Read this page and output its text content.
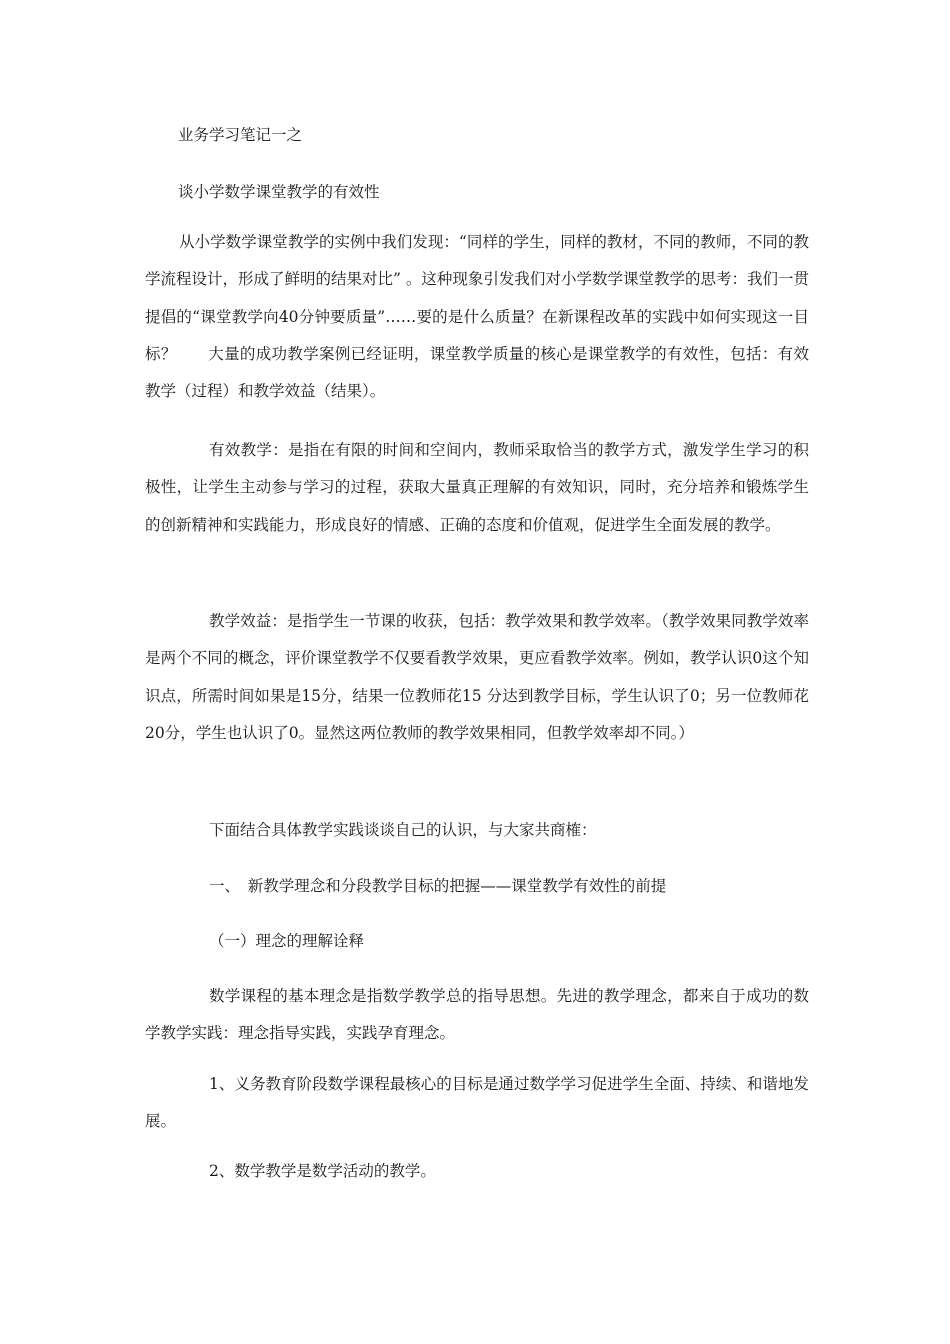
业务学习笔记一之
谈小学数学课堂教学的有效性

从小学数学课堂教学的实例中我们发现：“同样的学生，同样的教材，不同的教师，不同的教学流程设计，形成了鲜明的结果对比” 。这种现象引发我们对小学数学课堂教学的思考：我们一贯提倡的“课堂教学向40分钟要质量”……要的是什么质量？在新课程改革的实践中如何实现这一目标？　　大量的成功教学案例已经证明，课堂教学质量的核心是课堂教学的有效性，包括：有效教学（过程）和教学效益（结果）。

有效教学：是指在有限的时间和空间内，教师采取恰当的教学方式，激发学生学习的积极性，让学生主动参与学习的过程，获取大量真正理解的有效知识，同时，充分培养和锻炼学生的创新精神和实践能力，形成良好的情感、正确的态度和价值观，促进学生全面发展的教学。

教学效益：是指学生一节课的收获，包括：教学效果和教学效率。（教学效果同教学效率是两个不同的概念，评价课堂教学不仅要看教学效果，更应看教学效率。例如，教学认识0这个知识点，所需时间如果是15分，结果一位教师花15 分达到教学目标，学生认识了0；另一位教师花20分，学生也认识了0。显然这两位教师的教学效果相同，但教学效率却不同。）

下面结合具体教学实践谈谈自己的认识，与大家共商榷：

一、　新教学理念和分段教学目标的把握——课堂教学有效性的前提

（一）理念的理解诠释

数学课程的基本理念是指数学教学总的指导思想。先进的教学理念，都来自于成功的数学教学实践：理念指导实践，实践孕育理念。

1、义务教育阶段数学课程最核心的目标是通过数学学习促进学生全面、持续、和谐地发展。

2、数学教学是数学活动的教学。
